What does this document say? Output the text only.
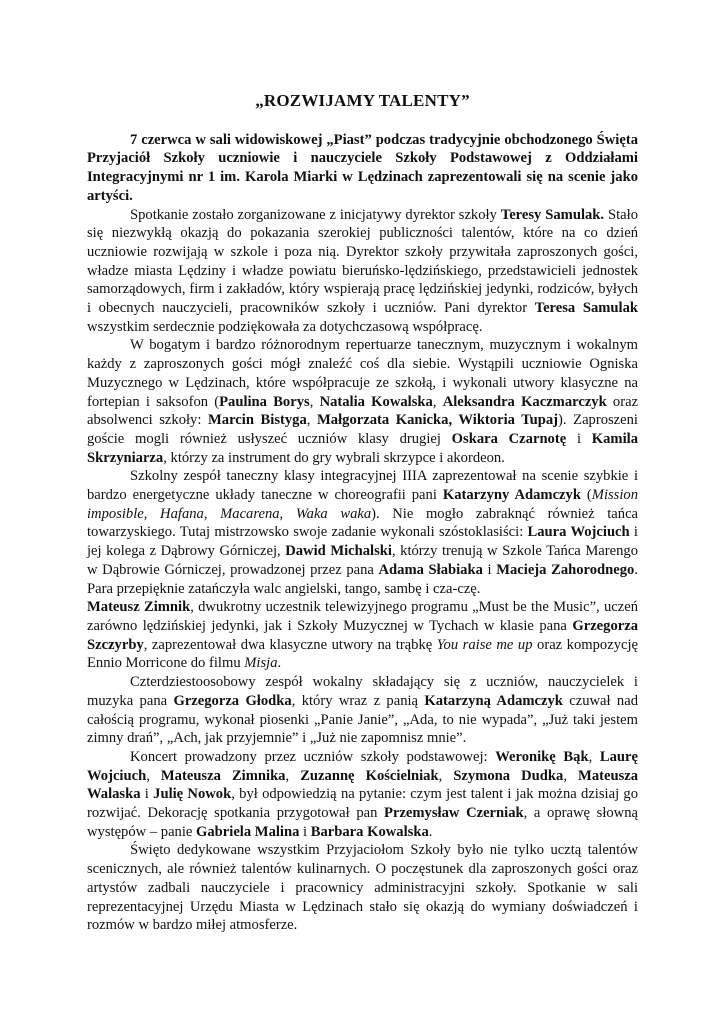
„ROZWIJAMY TALENTY”

7 czerwca w sali widowiskowej „Piast” podczas tradycyjnie obchodzonego Święta Przyjaciół Szkoły uczniowie i nauczyciele Szkoły Podstawowej z Oddziałami Integracyjnymi nr 1 im. Karola Miarki w Lędzinach zaprezentowali się na scenie jako artyści.

Spotkanie zostało zorganizowane z inicjatywy dyrektor szkoły Teresy Samulak. Stało się niezwykłą okazją do pokazania szerokiej publiczności talentów, które na co dzień uczniowie rozwijają w szkole i poza nią. Dyrektor szkoły przywitała zaproszonych gości, władze miasta Lędziny i władze powiatu bieruńsko-lędzińskiego, przedstawicieli jednostek samorządowych, firm i zakładów, który wspierają pracę lędzińskiej jedynki, rodziców, byłych i obecnych nauczycieli, pracowników szkoły i uczniów. Pani dyrektor Teresa Samulak wszystkim serdecznie podziękowała za dotychczasową współpracę.

W bogatym i bardzo różnorodnym repertuarze tanecznym, muzycznym i wokalnym każdy z zaproszonych gości mógł znaleźć coś dla siebie. Wystąpili uczniowie Ogniska Muzycznego w Lędzinach, które współpracuje ze szkołą, i wykonali utwory klasyczne na fortepian i saksofon (Paulina Borys, Natalia Kowalska, Aleksandra Kaczmarczyk oraz absolwenci szkoły: Marcin Bistyga, Małgorzata Kanicka, Wiktoria Tupaj). Zaproszeni goście mogli również usłyszeć uczniów klasy drugiej Oskara Czarnotę i Kamila Skrzyniarza, którzy za instrument do gry wybrali skrzypce i akordeon.

Szkolny zespół taneczny klasy integracyjnej IIIA zaprezentował na scenie szybkie i bardzo energetyczne układy taneczne w choreografii pani Katarzyny Adamczyk (Mission imposible, Hafana, Macarena, Waka waka). Nie mogło zabraknąć również tańca towarzyskiego. Tutaj mistrzowsko swoje zadanie wykonali szóstoklasiści: Laura Wojciuch i jej kolega z Dąbrowy Górniczej, Dawid Michalski, którzy trenują w Szkole Tańca Marengo w Dąbrowie Górniczej, prowadzonej przez pana Adama Słabiaka i Macieja Zahorodnego. Para przepięknie zatańczyła walc angielski, tango, sambę i cza-czę.

Mateusz Zimnik, dwukrotny uczestnik telewizyjnego programu „Must be the Music”, uczeń zarówno lędzińskiej jedynki, jak i Szkoły Muzycznej w Tychach w klasie pana Grzegorza Szczyrby, zaprezentował dwa klasyczne utwory na trąbkę You raise me up oraz kompozycję Ennio Morricone do filmu Misja.

Czterdziestoosobowy zespół wokalny składający się z uczniów, nauczycielek i muzyka pana Grzegorza Głodka, który wraz z panią Katarzyną Adamczyk czuwał nad całością programu, wykonał piosenki „Panie Janie”, „Ada, to nie wypada”, „Już taki jestem zimny drań”, „Ach, jak przyjemnie” i „Już nie zapomnisz mnie”.

Koncert prowadzony przez uczniów szkoły podstawowej: Weronikę Bąk, Laurę Wojciuch, Mateusza Zimnika, Zuzannę Kościelniak, Szymona Dudka, Mateusza Walaska i Julię Nowok, był odpowiedzią na pytanie: czym jest talent i jak można dzisiaj go rozwijać. Dekorację spotkania przygotował pan Przemysław Czerniak, a oprawę słowną występów – panie Gabriela Malina i Barbara Kowalska.

Święto dedykowane wszystkim Przyjaciołom Szkoły było nie tylko ucztą talentów scenicznych, ale również talentów kulinarnych. O poczęstunek dla zaproszonych gości oraz artystów zadbali nauczyciele i pracownicy administracyjni szkoły. Spotkanie w sali reprezentacyjnej Urzędu Miasta w Lędzinach stało się okazją do wymiany doświadczeń i rozmów w bardzo miłej atmosferze.
